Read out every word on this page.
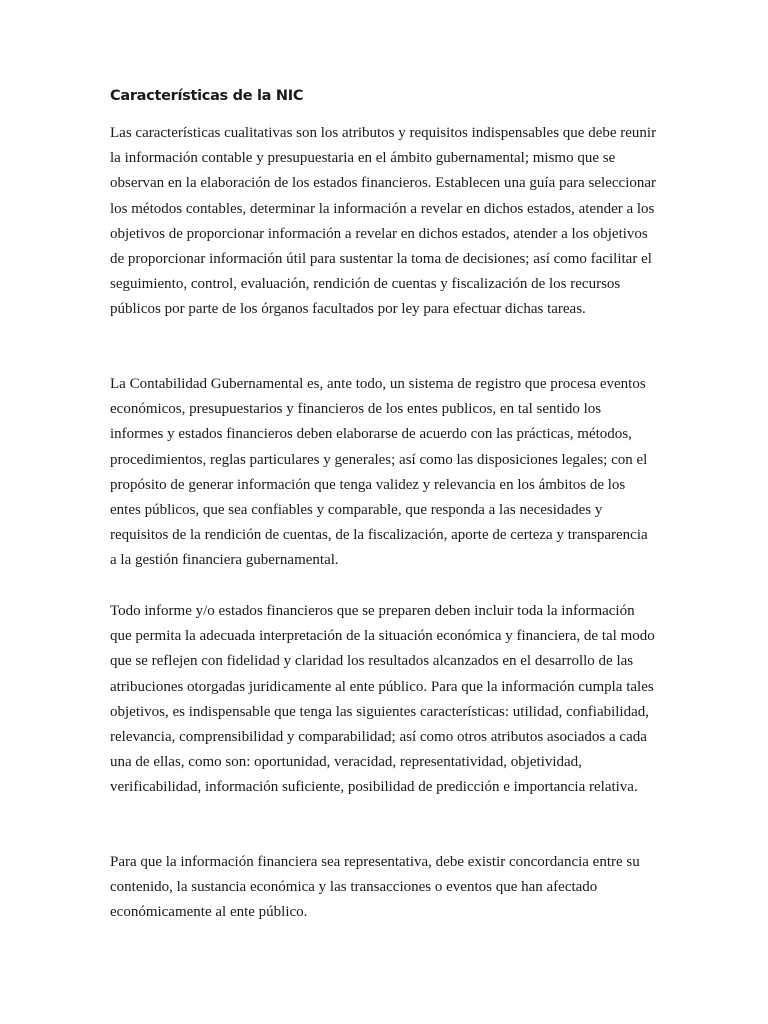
Características de la NIC

Las características cualitativas son los atributos y requisitos indispensables que debe reunir la información contable y presupuestaria en el ámbito gubernamental; mismo que se observan en la elaboración de los estados financieros. Establecen una guía para seleccionar los métodos contables, determinar la información a revelar en dichos estados, atender a los objetivos de proporcionar información a revelar en dichos estados, atender a los objetivos de proporcionar información útil para sustentar la toma de decisiones; así como facilitar el seguimiento, control, evaluación, rendición de cuentas y fiscalización de los recursos públicos por parte de los órganos facultados por ley para efectuar dichas tareas.

La Contabilidad Gubernamental es, ante todo, un sistema de registro que procesa eventos económicos, presupuestarios y financieros de los entes publicos, en tal sentido los informes y estados financieros deben elaborarse de acuerdo con las prácticas, métodos, procedimientos, reglas particulares y generales; así como las disposiciones legales; con el propósito de generar información que tenga validez y relevancia en los ámbitos de los entes públicos, que sea confiables y comparable, que responda a las necesidades y requisitos de la rendición de cuentas, de la fiscalización, aporte de certeza y transparencia a la gestión financiera gubernamental.

Todo informe y/o estados financieros que se preparen deben incluir toda la información que permita la adecuada interpretación de la situación económica y financiera, de tal modo que se reflejen con fidelidad y claridad los resultados alcanzados en el desarrollo de las atribuciones otorgadas juridicamente al ente público. Para que la información cumpla tales objetivos, es indispensable que tenga las siguientes características: utilidad, confiabilidad, relevancia, comprensibilidad y comparabilidad; así como otros atributos asociados a cada una de ellas, como son: oportunidad, veracidad, representatividad, objetividad, verificabilidad, información suficiente, posibilidad de predicción e importancia relativa.

Para que la información financiera sea representativa, debe existir concordancia entre su contenido, la sustancia económica y las transacciones o eventos que han afectado económicamente al ente público.
